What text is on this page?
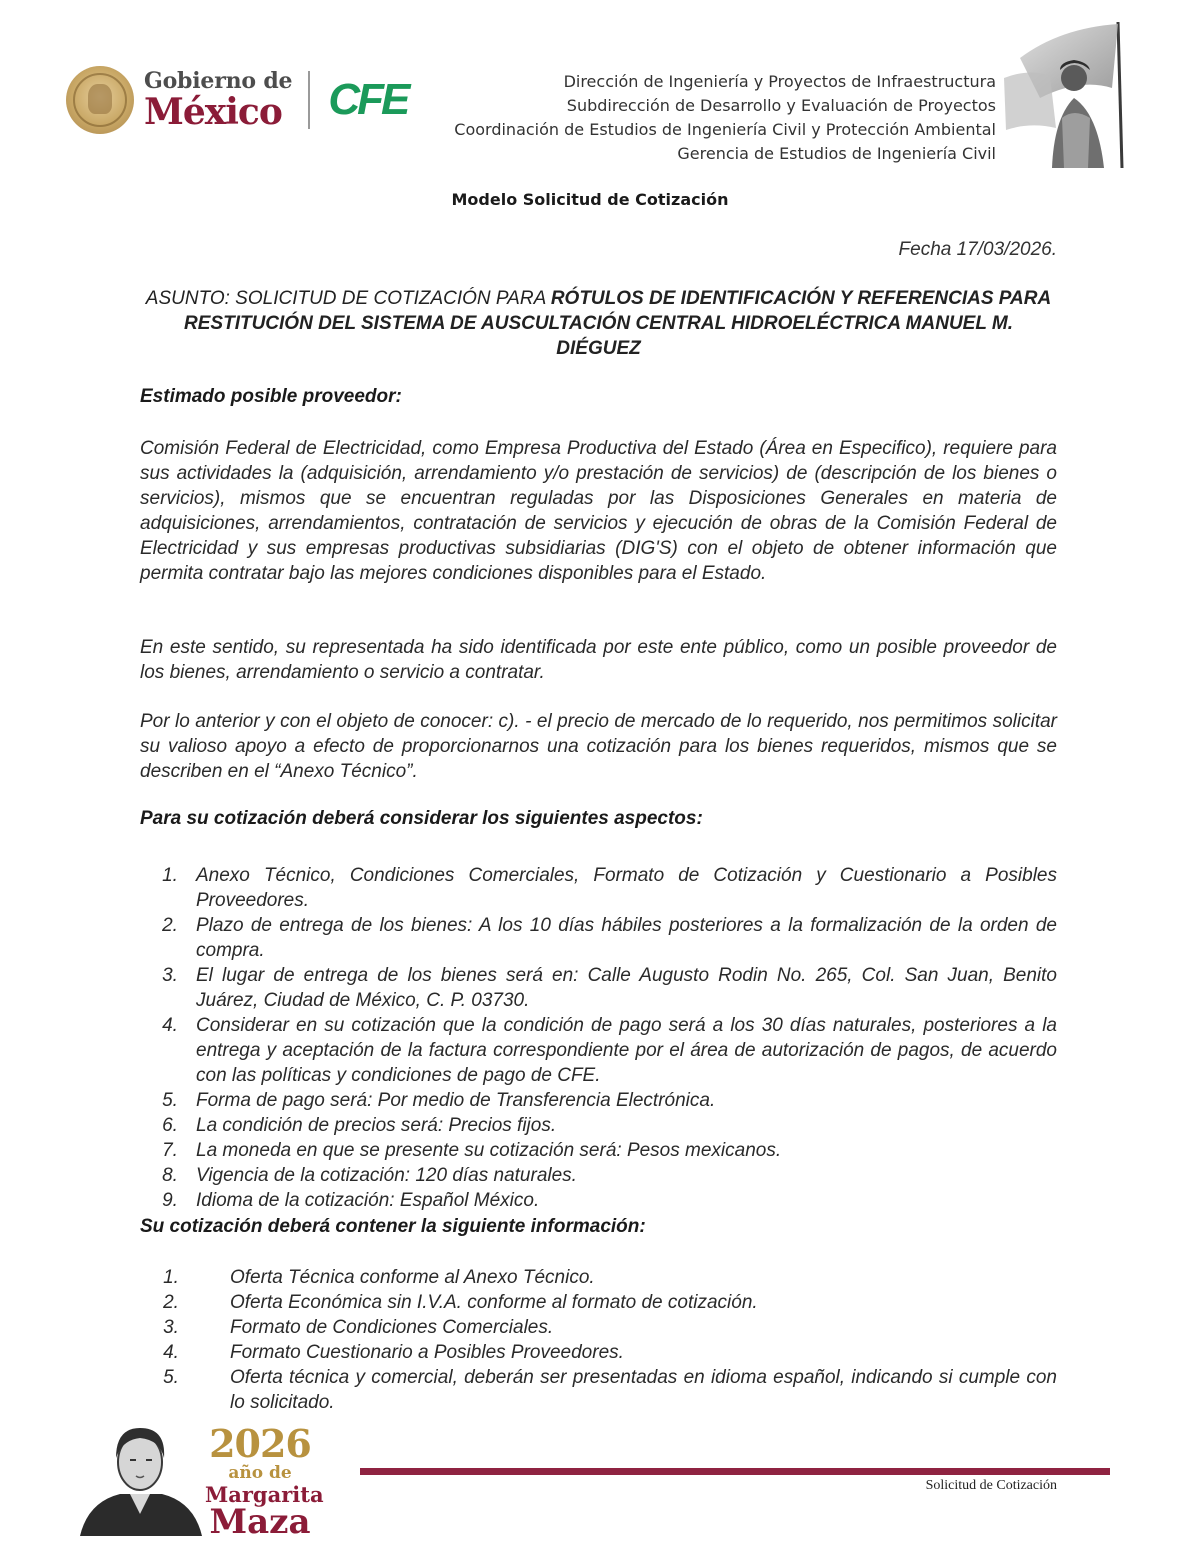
Gobierno de
México CFE	Dirección de Ingeniería y Proyectos de Infraestructura
Subdirección de Desarrollo y Evaluación de Proyectos
Coordinación de Estudios de Ingeniería Civil y Protección Ambiental
Gerencia de Estudios de Ingeniería Civil
Modelo Solicitud de Cotización
Fecha 17/03/2026.
ASUNTO: SOLICITUD DE COTIZACIÓN PARA RÓTULOS DE IDENTIFICACIÓN Y REFERENCIAS PARA RESTITUCIÓN DEL SISTEMA DE AUSCULTACIÓN CENTRAL HIDROELÉCTRICA MANUEL M. DIÉGUEZ

Estimado posible proveedor:

Comisión Federal de Electricidad, como Empresa Productiva del Estado (Área en Especifico), requiere para sus actividades la (adquisición, arrendamiento y/o prestación de servicios) de (descripción de los bienes o servicios), mismos que se encuentran reguladas por las Disposiciones Generales en materia de adquisiciones, arrendamientos, contratación de servicios y ejecución de obras de la Comisión Federal de Electricidad y sus empresas productivas subsidiarias (DIG'S) con el objeto de obtener información que permita contratar bajo las mejores condiciones disponibles para el Estado.

En este sentido, su representada ha sido identificada por este ente público, como un posible proveedor de los bienes, arrendamiento o servicio a contratar.

Por lo anterior y con el objeto de conocer: c). - el precio de mercado de lo requerido, nos permitimos solicitar su valioso apoyo a efecto de proporcionarnos una cotización para los bienes requeridos, mismos que se describen en el “Anexo Técnico”.

Para su cotización deberá considerar los siguientes aspectos:

1. Anexo Técnico, Condiciones Comerciales, Formato de Cotización y Cuestionario a Posibles Proveedores.
2. Plazo de entrega de los bienes: A los 10 días hábiles posteriores a la formalización de la orden de compra.
3. El lugar de entrega de los bienes será en: Calle Augusto Rodin No. 265, Col. San Juan, Benito Juárez, Ciudad de México, C. P. 03730.
4. Considerar en su cotización que la condición de pago será a los 30 días naturales, posteriores a la entrega y aceptación de la factura correspondiente por el área de autorización de pagos, de acuerdo con las políticas y condiciones de pago de CFE.
5. Forma de pago será: Por medio de Transferencia Electrónica.
6. La condición de precios será: Precios fijos.
7. La moneda en que se presente su cotización será: Pesos mexicanos.
8. Vigencia de la cotización: 120 días naturales.
9. Idioma de la cotización: Español México.

Su cotización deberá contener la siguiente información:

1.	Oferta Técnica conforme al Anexo Técnico.
2.	Oferta Económica sin I.V.A. conforme al formato de cotización.
3.	Formato de Condiciones Comerciales.
4.	Formato Cuestionario a Posibles Proveedores.
5.	Oferta técnica y comercial, deberán ser presentadas en idioma español, indicando si cumple con lo solicitado.
2026
año de
Margarita
Maza
Solicitud de Cotización
